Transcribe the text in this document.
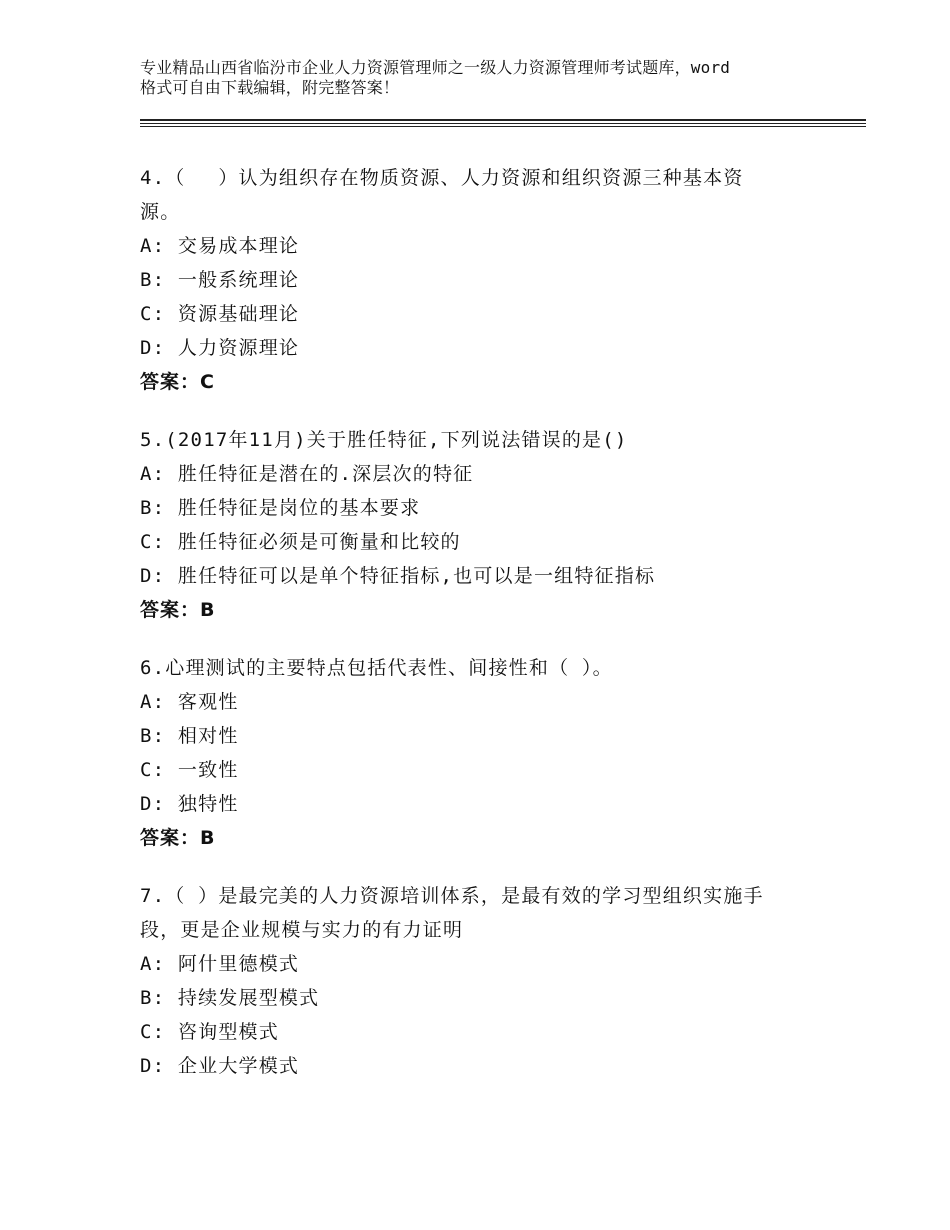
专业精品山西省临汾市企业人力资源管理师之一级人力资源管理师考试题库，word
格式可自由下载编辑，附完整答案！
4.（　 ）认为组织存在物质资源、人力资源和组织资源三种基本资
源。
A: 交易成本理论
B: 一般系统理论
C: 资源基础理论
D: 人力资源理论
答案：C
5.(2017年11月)关于胜任特征,下列说法错误的是()
A: 胜任特征是潜在的.深层次的特征
B: 胜任特征是岗位的基本要求
C: 胜任特征必须是可衡量和比较的
D: 胜任特征可以是单个特征指标,也可以是一组特征指标
答案：B
6.心理测试的主要特点包括代表性、间接性和（ ）。
A: 客观性
B: 相对性
C: 一致性
D: 独特性
答案：B
7.（ ）是最完美的人力资源培训体系，是最有效的学习型组织实施手
段，更是企业规模与实力的有力证明
A: 阿什里德模式
B: 持续发展型模式
C: 咨询型模式
D: 企业大学模式
